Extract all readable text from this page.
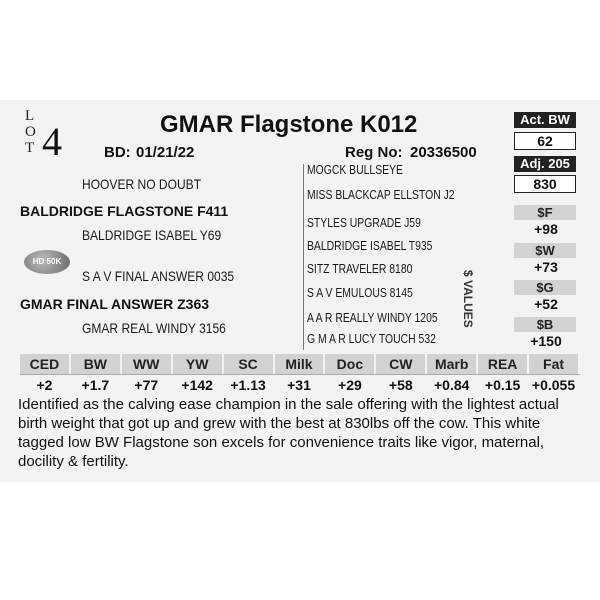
L
O
T 4	GMAR Flagstone K012
BD: 01/21/22	Reg No: 20336500
HOOVER NO DOUBT
BALDRIDGE FLAGSTONE F411
BALDRIDGE ISABEL Y69
HD 50K
S A V FINAL ANSWER 0035
GMAR FINAL ANSWER Z363
GMAR REAL WINDY 3156
MOGCK BULLSEYE
MISS BLACKCAP ELLSTON J2
STYLES UPGRADE J59
BALDRIDGE ISABEL T935
SITZ TRAVELER 8180
S A V EMULOUS 8145
A A R REALLY WINDY 1205
G M A R LUCY TOUCH 532
Act. BW
62
Adj. 205
830
$ VALUES
$F
+98
$W
+73
$G
+52
$B
+150
CED	BW	WW	YW	SC	Milk	Doc	CW	Marb	REA	Fat
+2	+1.7	+77	+142	+1.13	+31	+29	+58	+0.84	+0.15 +0.055
Identified as the calving ease champion in the sale offering with the lightest actual birth weight that got up and grew with the best at 830lbs off the cow. This white tagged low BW Flagstone son excels for convenience traits like vigor, maternal, docility & fertility.
